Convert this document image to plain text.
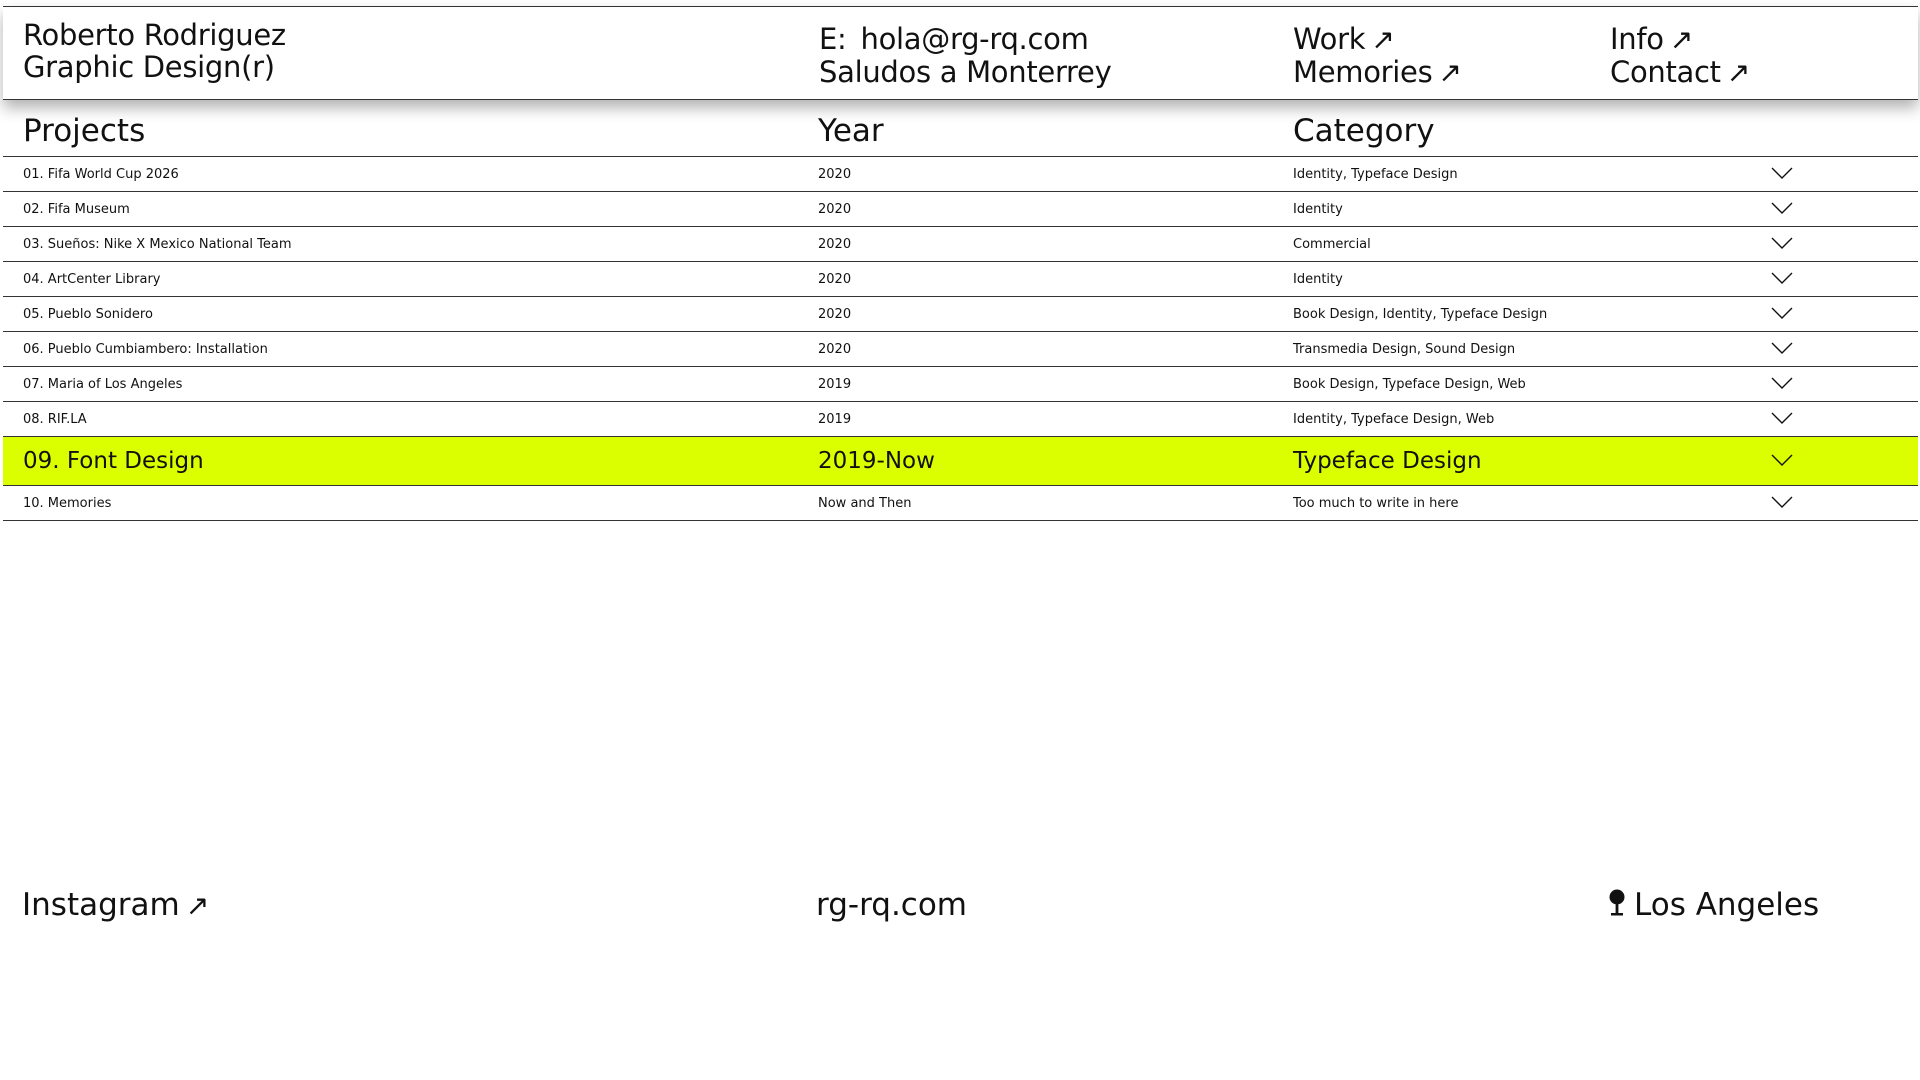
Roberto Rodriguez
Graphic Design(r)
E: hola@rg-rq.com
Saludos a Monterrey
Work ↗
Memories ↗
Info ↗
Contact ↗
Projects	Year	Category
01. Fifa World Cup 2026	2020	Identity, Typeface Design
02. Fifa Museum	2020	Identity
03. Sueños: Nike X Mexico National Team	2020	Commercial
04. ArtCenter Library	2020	Identity
05. Pueblo Sonidero	2020	Book Design, Identity, Typeface Design
06. Pueblo Cumbiambero: Installation	2020	Transmedia Design, Sound Design
07. Maria of Los Angeles	2019	Book Design, Typeface Design, Web
08. RIF.LA	2019	Identity, Typeface Design, Web
09. Font Design	2019-Now	Typeface Design
10. Memories	Now and Then	Too much to write in here
Instagram ↗	rg-rq.com	Los Angeles
